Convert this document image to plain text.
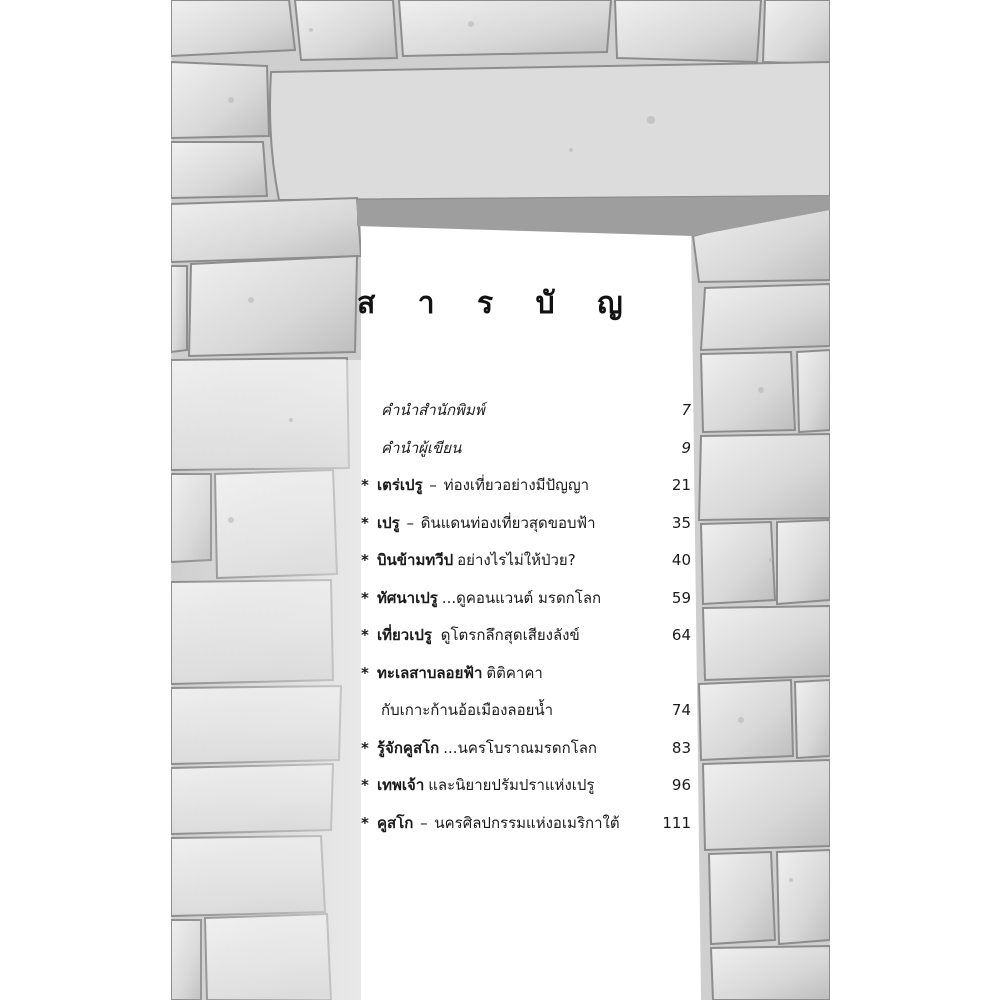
ส า ร บั ญ
คำนำสำนักพิมพ์	7
คำนำผู้เขียน	9
* เตร่เปรู – ท่องเที่ยวอย่างมีปัญญา	21
* เปรู – ดินแดนท่องเที่ยวสุดขอบฟ้า	35
* บินข้ามทวีป อย่างไรไม่ให้ป่วย?	40
* ทัศนาเปรู ...ดูคอนแวนต์ มรดกโลก	59
* เที่ยวเปรู ดูโตรกลึกสุดเสียงลังข์	64
* ทะเลสาบลอยฟ้า ติติคาคา
กับเกาะก้านอ้อเมืองลอยน้ำ	74
* รู้จักคูสโก ...นครโบราณมรดกโลก	83
* เทพเจ้า และนิยายปรัมปราแห่งเปรู	96
* คูสโก – นครศิลปกรรมแห่งอเมริกาใต้	111
